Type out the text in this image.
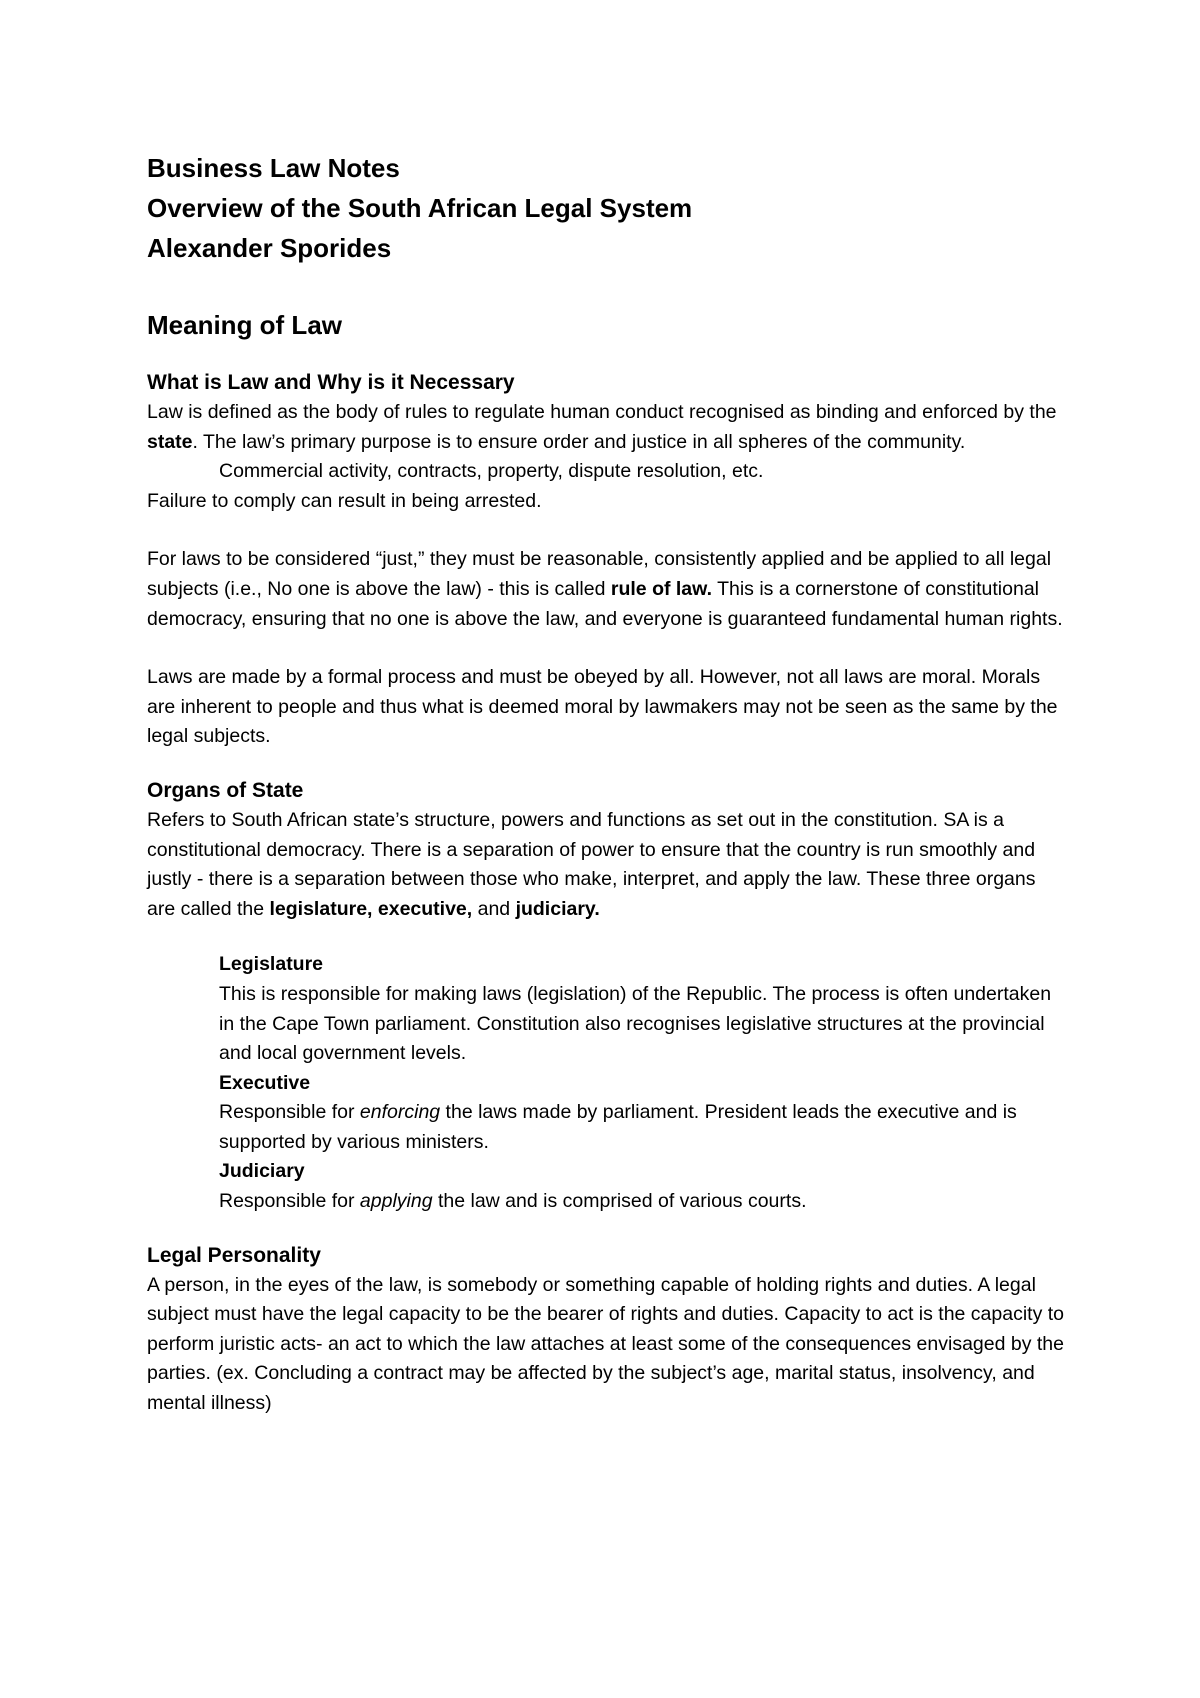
Business Law Notes
Overview of the South African Legal System
Alexander Sporides
Meaning of Law
What is Law and Why is it Necessary

Law is defined as the body of rules to regulate human conduct recognised as binding and enforced by the state. The law’s primary purpose is to ensure order and justice in all spheres of the community.

Commercial activity, contracts, property, dispute resolution, etc.

Failure to comply can result in being arrested.

For laws to be considered “just,” they must be reasonable, consistently applied and be applied to all legal subjects (i.e., No one is above the law) - this is called rule of law. This is a cornerstone of constitutional democracy, ensuring that no one is above the law, and everyone is guaranteed fundamental human rights.

Laws are made by a formal process and must be obeyed by all. However, not all laws are moral. Morals are inherent to people and thus what is deemed moral by lawmakers may not be seen as the same by the legal subjects.

Organs of State

Refers to South African state’s structure, powers and functions as set out in the constitution. SA is a constitutional democracy. There is a separation of power to ensure that the country is run smoothly and justly - there is a separation between those who make, interpret, and apply the law. These three organs are called the legislature, executive, and judiciary.

Legislature

This is responsible for making laws (legislation) of the Republic. The process is often undertaken in the Cape Town parliament. Constitution also recognises legislative structures at the provincial and local government levels.

Executive

Responsible for enforcing the laws made by parliament. President leads the executive and is supported by various ministers.

Judiciary

Responsible for applying the law and is comprised of various courts.

Legal Personality

A person, in the eyes of the law, is somebody or something capable of holding rights and duties. A legal subject must have the legal capacity to be the bearer of rights and duties. Capacity to act is the capacity to perform juristic acts- an act to which the law attaches at least some of the consequences envisaged by the parties. (ex. Concluding a contract may be affected by the subject’s age, marital status, insolvency, and mental illness)
